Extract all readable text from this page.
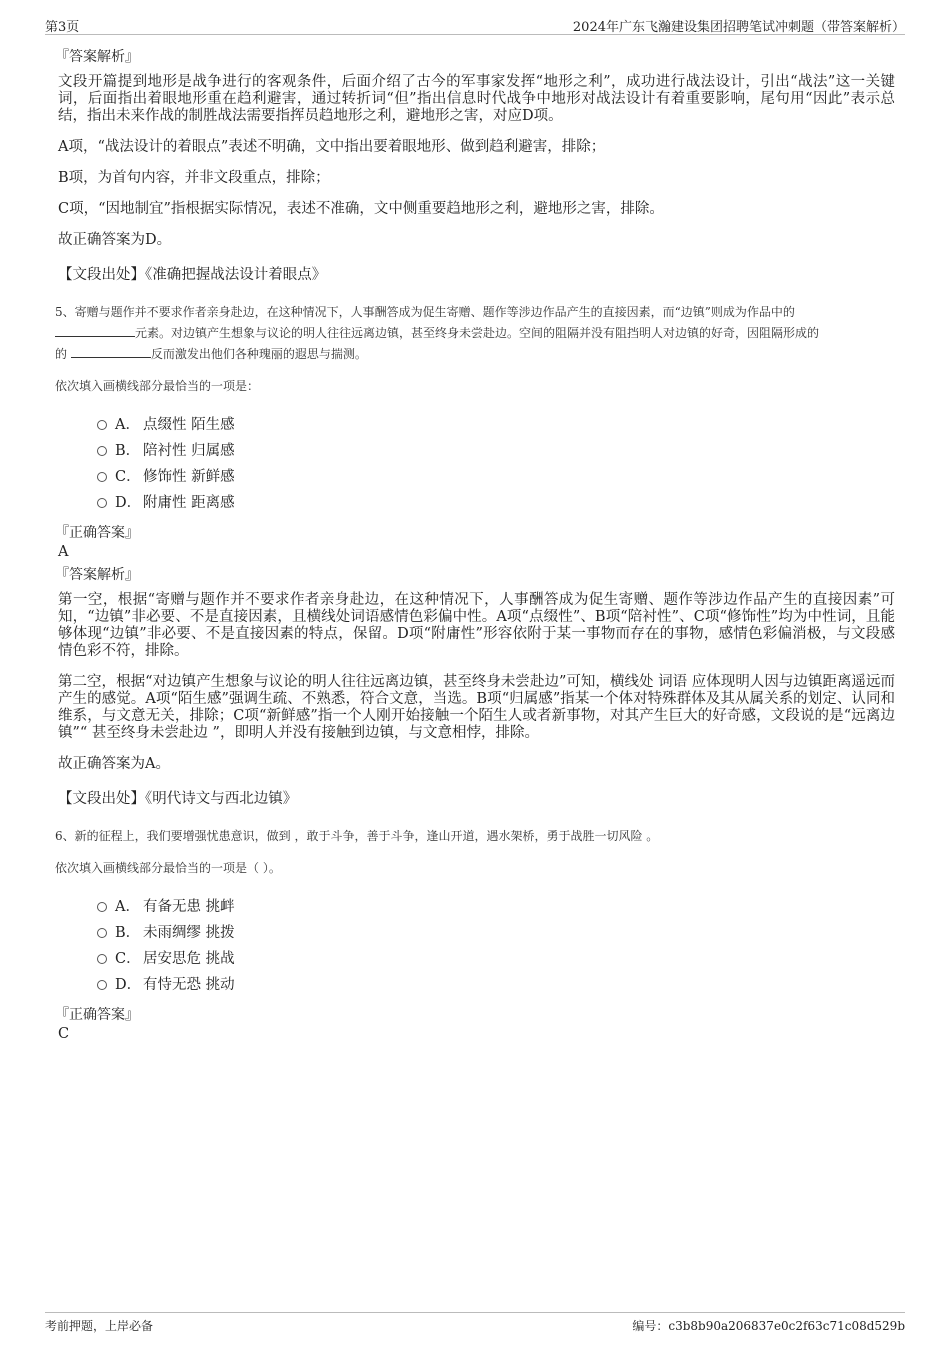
第3页	2024年广东飞瀚建设集团招聘笔试冲刺题（带答案解析）
『答案解析』

文段开篇提到地形是战争进行的客观条件，后面介绍了古今的军事家发挥“地形之利”，成功进行战法设计，引出“战法”这一关键词，后面指出着眼地形重在趋利避害，通过转折词“但”指出信息时代战争中地形对战法设计有着重要影响，尾句用“因此”表示总结，指出未来作战的制胜战法需要指挥员趋地形之利，避地形之害，对应D项。

A项，“战法设计的着眼点”表述不明确，文中指出要着眼地形、做到趋利避害，排除；

B项，为首句内容，并非文段重点，排除；

C项，“因地制宜”指根据实际情况，表述不准确，文中侧重要趋地形之利，避地形之害，排除。

故正确答案为D。

【文段出处】《准确把握战法设计着眼点》

5、寄赠与题作并不要求作者亲身赴边，在这种情况下，人事酬答成为促生寄赠、题作等涉边作品产生的直接因素，而“边镇”则成为作品中的
元素。对边镇产生想象与议论的明人往往远离边镇，甚至终身未尝赴边。空间的阻隔并没有阻挡明人对边镇的好奇，因阻隔形成的
的	反而激发出他们各种瑰丽的遐思与揣测。
依次填入画横线部分最恰当的一项是：
A． 点缀性 陌生感
B． 陪衬性 归属感
C． 修饰性 新鲜感
D． 附庸性 距离感
『正确答案』
A
『答案解析』

第一空，根据“寄赠与题作并不要求作者亲身赴边，在这种情况下，人事酬答成为促生寄赠、题作等涉边作品产生的直接因素”可知，“边镇”非必要、不是直接因素，且横线处词语感情色彩偏中性。A项“点缀性”、B项“陪衬性”、C项“修饰性”均为中性词，且能够体现“边镇”非必要、不是直接因素的特点，保留。D项“附庸性”形容依附于某一事物而存在的事物，感情色彩偏消极，与文段感情色彩不符，排除。

第二空，根据“对边镇产生想象与议论的明人往往远离边镇，甚至终身未尝赴边”可知，横线处 词语 应体现明人因与边镇距离遥远而产生的感觉。A项“陌生感”强调生疏、不熟悉，符合文意，当选。B项“归属感”指某一个体对特殊群体及其从属关系的划定、认同和维系，与文意无关，排除；C项“新鲜感”指一个人刚开始接触一个陌生人或者新事物，对其产生巨大的好奇感，文段说的是“远离边镇”“ 甚至终身未尝赴边 ”，即明人并没有接触到边镇，与文意相悖，排除。

故正确答案为A。

【文段出处】《明代诗文与西北边镇》

6、新的征程上，我们要增强忧患意识，做到 ，敢于斗争，善于斗争，逢山开道，遇水架桥，勇于战胜一切风险 。
依次填入画横线部分最恰当的一项是（ ）。
A． 有备无患 挑衅
B． 未雨绸缪 挑拨
C． 居安思危 挑战
D． 有恃无恐 挑动
『正确答案』
C
考前押题，上岸必备	编号：c3b8b90a206837e0c2f63c71c08d529b
